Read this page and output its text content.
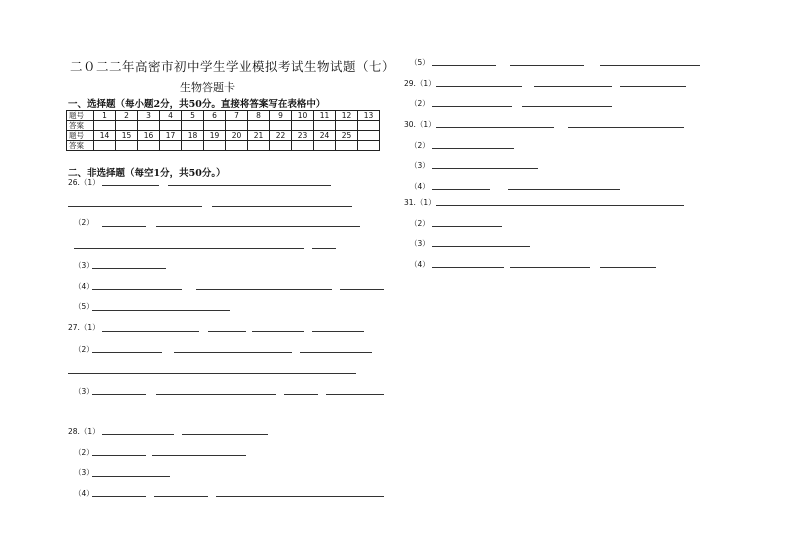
二０二二年高密市初中学生学业模拟考试生物试题（七）
生物答题卡
一、选择题（每小题2分，共50分。直接将答案写在表格中）
题号	1	2	3	4	5	6	7	8	9	10	11	12	13
答案													
题号	14	15	16	17	18	19	20	21	22	23	24	25	
答案													
二、非选择题（每空1分，共50分。）
26.（1）
（2）
（3）
（4）
（5）
27.（1）
（2）
（3）
28.（1）
（2）
（3）
（4）
（5）
29.（1）
（2）
30.（1）
（2）
（3）
（4）
31.（1）
（2）
（3）
（4）
